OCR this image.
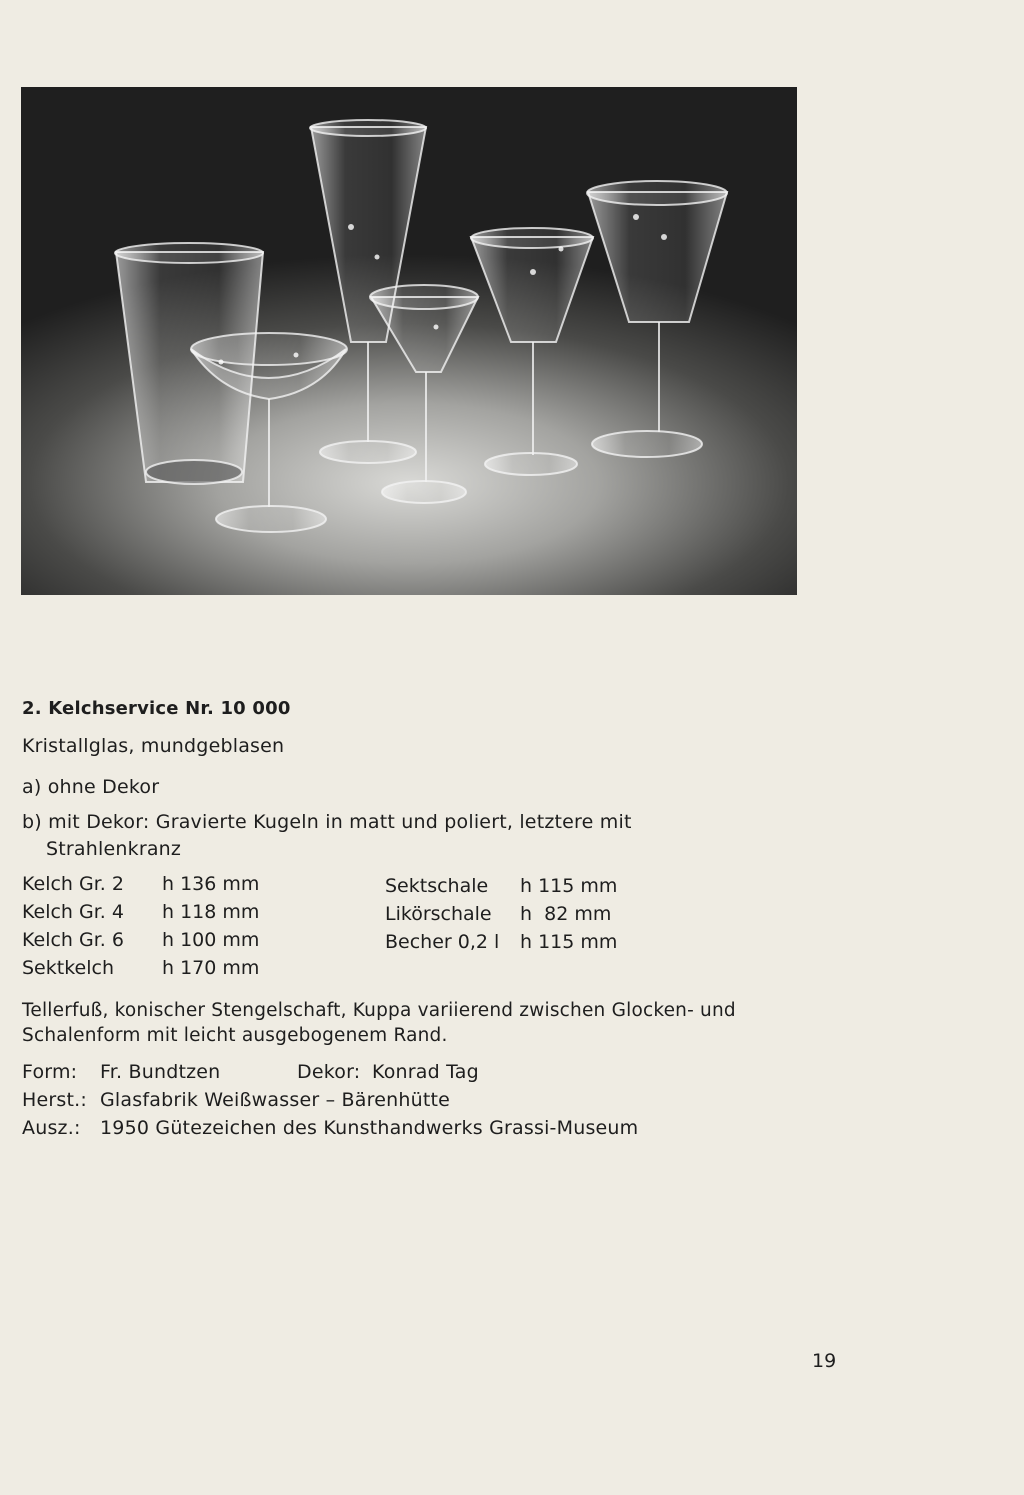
2. Kelchservice Nr. 10 000
Kristallglas, mundgeblasen
a) ohne Dekor
b) mit Dekor: Gravierte Kugeln in matt und poliert, letztere mit
Strahlenkranz
Kelch Gr. 2 h 136 mm
Kelch Gr. 4 h 118 mm
Kelch Gr. 6 h 100 mm
Sektkelch	h 170 mm
Sektschale h 115 mm
Likörschale h  82 mm
Becher 0,2 l h 115 mm
Tellerfuß, konischer Stengelschaft, Kuppa variierend zwischen Glocken- und
Schalenform mit leicht ausgebogenem Rand.
Form: Fr. Bundtzen	Dekor: Konrad Tag
Herst.: Glasfabrik Weißwasser – Bärenhütte
Ausz.: 1950 Gütezeichen des Kunsthandwerks Grassi-Museum
19
